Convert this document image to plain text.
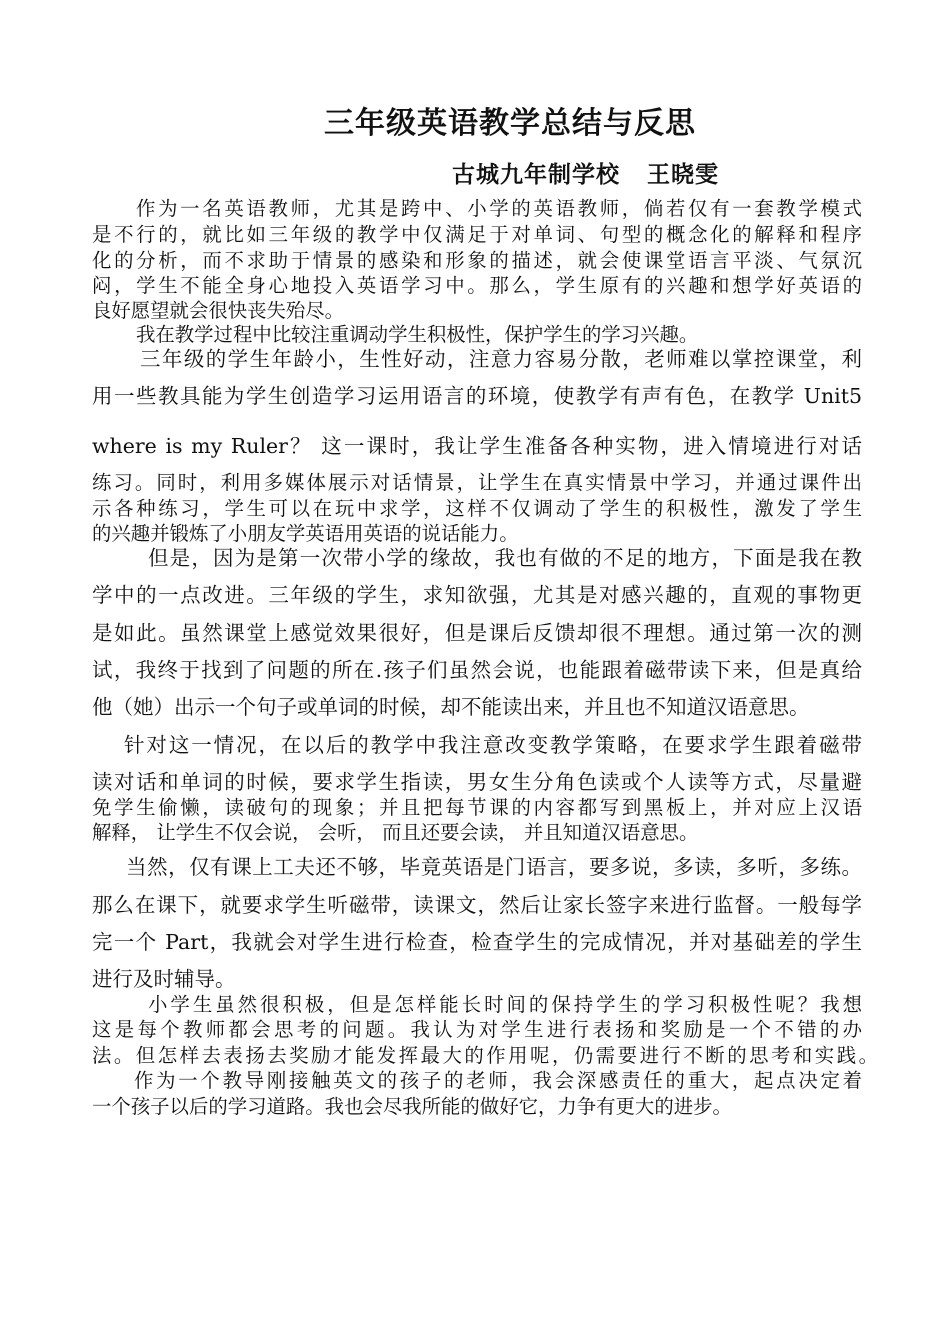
三年级英语教学总结与反思
古城九年制学校   王晓雯
作为一名英语教师，尤其是跨中、小学的英语教师，倘若仅有一套教学模式
是不行的，就比如三年级的教学中仅满足于对单词、句型的概念化的解释和程序
化的分析，而不求助于情景的感染和形象的描述，就会使课堂语言平淡、气氛沉
闷，学生不能全身心地投入英语学习中。那么，学生原有的兴趣和想学好英语的
良好愿望就会很快丧失殆尽。
我在教学过程中比较注重调动学生积极性，保护学生的学习兴趣。
三年级的学生年龄小，生性好动，注意力容易分散，老师难以掌控课堂，利
用一些教具能为学生创造学习运用语言的环境，使教学有声有色，在教学 Unit5
where is my Ruler？ 这一课时，我让学生准备各种实物，进入情境进行对话
练习。同时，利用多媒体展示对话情景，让学生在真实情景中学习，并通过课件出
示各种练习，学生可以在玩中求学，这样不仅调动了学生的积极性，激发了学生
的兴趣并锻炼了小朋友学英语用英语的说话能力。
但是，因为是第一次带小学的缘故，我也有做的不足的地方，下面是我在教
学中的一点改进。三年级的学生，求知欲强，尤其是对感兴趣的，直观的事物更
是如此。虽然课堂上感觉效果很好，但是课后反馈却很不理想。通过第一次的测
试，我终于找到了问题的所在.孩子们虽然会说，也能跟着磁带读下来，但是真给
他（她）出示一个句子或单词的时候，却不能读出来，并且也不知道汉语意思。
针对这一情况，在以后的教学中我注意改变教学策略，在要求学生跟着磁带
读对话和单词的时候，要求学生指读，男女生分角色读或个人读等方式，尽量避
免学生偷懒，读破句的现象；并且把每节课的内容都写到黑板上，并对应上汉语
解释， 让学生不仅会说， 会听， 而且还要会读， 并且知道汉语意思。
当然，仅有课上工夫还不够，毕竟英语是门语言，要多说，多读，多听，多练。
那么在课下，就要求学生听磁带，读课文，然后让家长签字来进行监督。一般每学
完一个 Part，我就会对学生进行检查，检查学生的完成情况，并对基础差的学生
进行及时辅导。
小学生虽然很积极，但是怎样能长时间的保持学生的学习积极性呢？我想
这是每个教师都会思考的问题。我认为对学生进行表扬和奖励是一个不错的办
法。但怎样去表扬去奖励才能发挥最大的作用呢，仍需要进行不断的思考和实践。
作为一个教导刚接触英文的孩子的老师，我会深感责任的重大，起点决定着
一个孩子以后的学习道路。我也会尽我所能的做好它，力争有更大的进步。
